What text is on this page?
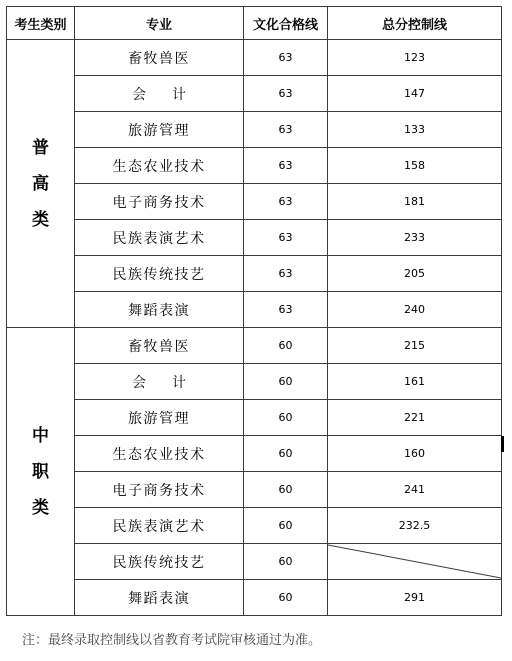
考生类别	专业	文化合格线	总分控制线
普
高
类	畜牧兽医	63	123
	会计	63	147
	旅游管理	63	133
	生态农业技术	63	158
	电子商务技术	63	181
	民族表演艺术	63	233
	民族传统技艺	63	205
	舞蹈表演	63	240
中
职
类	畜牧兽医	60	215
	会计	60	161
	旅游管理	60	221
	生态农业技术	60	160
	电子商务技术	60	241
	民族表演艺术	60	232.5
	民族传统技艺	60	

	舞蹈表演	60	291
注：最终录取控制线以省教育考试院审核通过为准。
